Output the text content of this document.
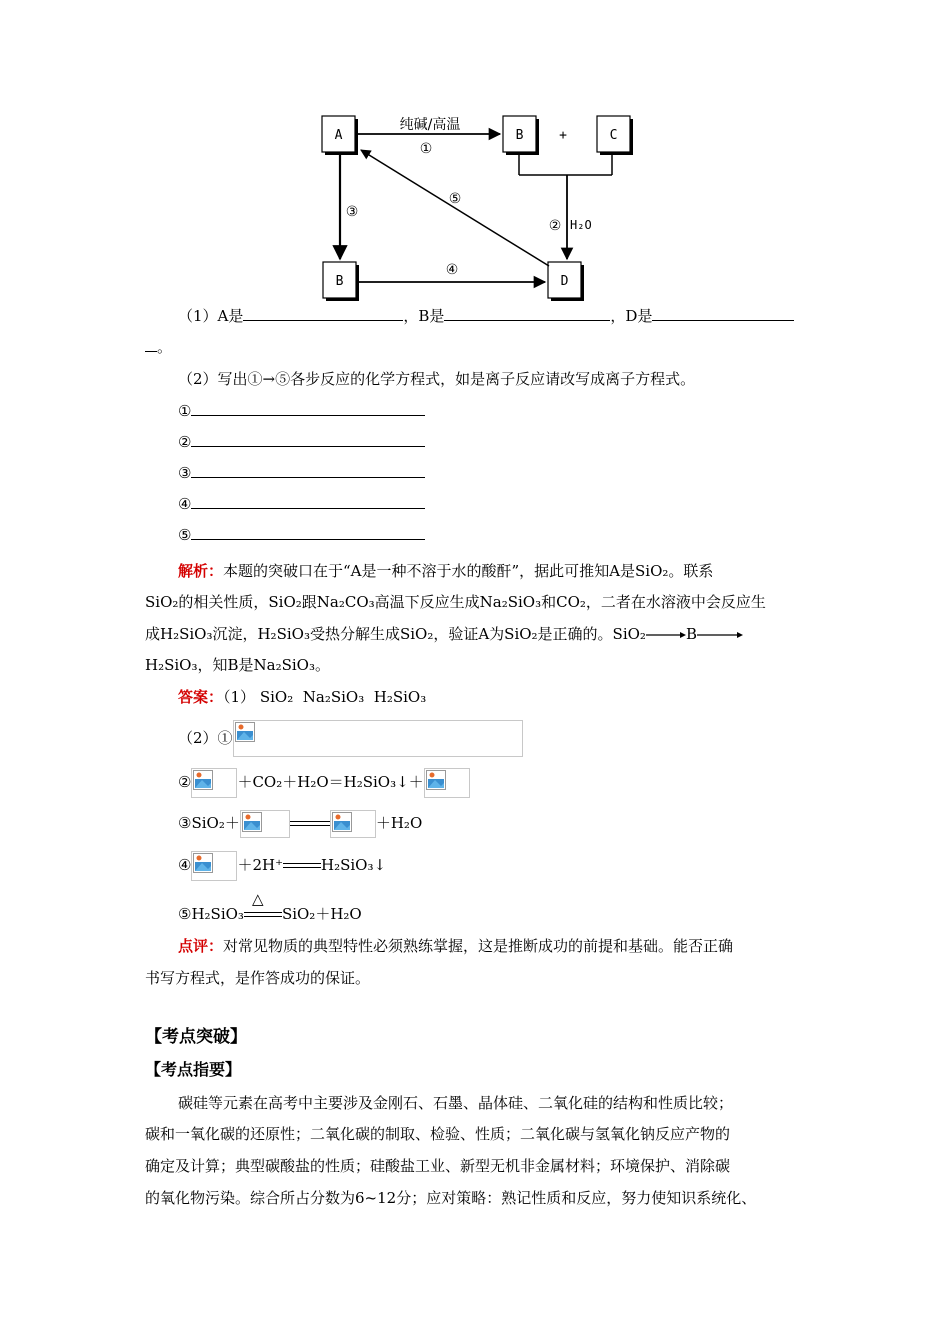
A	B	+	C
B	D
纯碱/高温
①
③
④
⑤
② H₂O
（1）A是	，B是	，D是
。
（2）写出①→⑤各步反应的化学方程式，如是离子反应请改写成离子方程式。
①
②
③
④
⑤
解析：本题的突破口在于“A是一种不溶于水的酸酐”，据此可推知A是SiO₂。联系
SiO₂的相关性质，SiO₂跟Na₂CO₃高温下反应生成Na₂SiO₃和CO₂，二者在水溶液中会反应生
成H₂SiO₃沉淀，H₂SiO₃受热分解生成SiO₂，验证A为SiO₂是正确的。SiO₂	B
H₂SiO₃，知B是Na₂SiO₃。
答案：（1） SiO₂  Na₂SiO₃  H₂SiO₃
（2）①
②	＋CO₂＋H₂O＝H₂SiO₃↓＋
③SiO₂＋	＋H₂O
④	＋2H⁺	H₂SiO₃↓
⑤H₂SiO₃
△
SiO₂＋H₂O
点评：对常见物质的典型特性必须熟练掌握，这是推断成功的前提和基础。能否正确
书写方程式，是作答成功的保证。
【考点突破】
【考点指要】
碳硅等元素在高考中主要涉及金刚石、石墨、晶体硅、二氧化硅的结构和性质比较；
碳和一氧化碳的还原性；二氧化碳的制取、检验、性质；二氧化碳与氢氧化钠反应产物的
确定及计算；典型碳酸盐的性质；硅酸盐工业、新型无机非金属材料；环境保护、消除碳
的氧化物污染。综合所占分数为6~12分；应对策略：熟记性质和反应，努力使知识系统化、
